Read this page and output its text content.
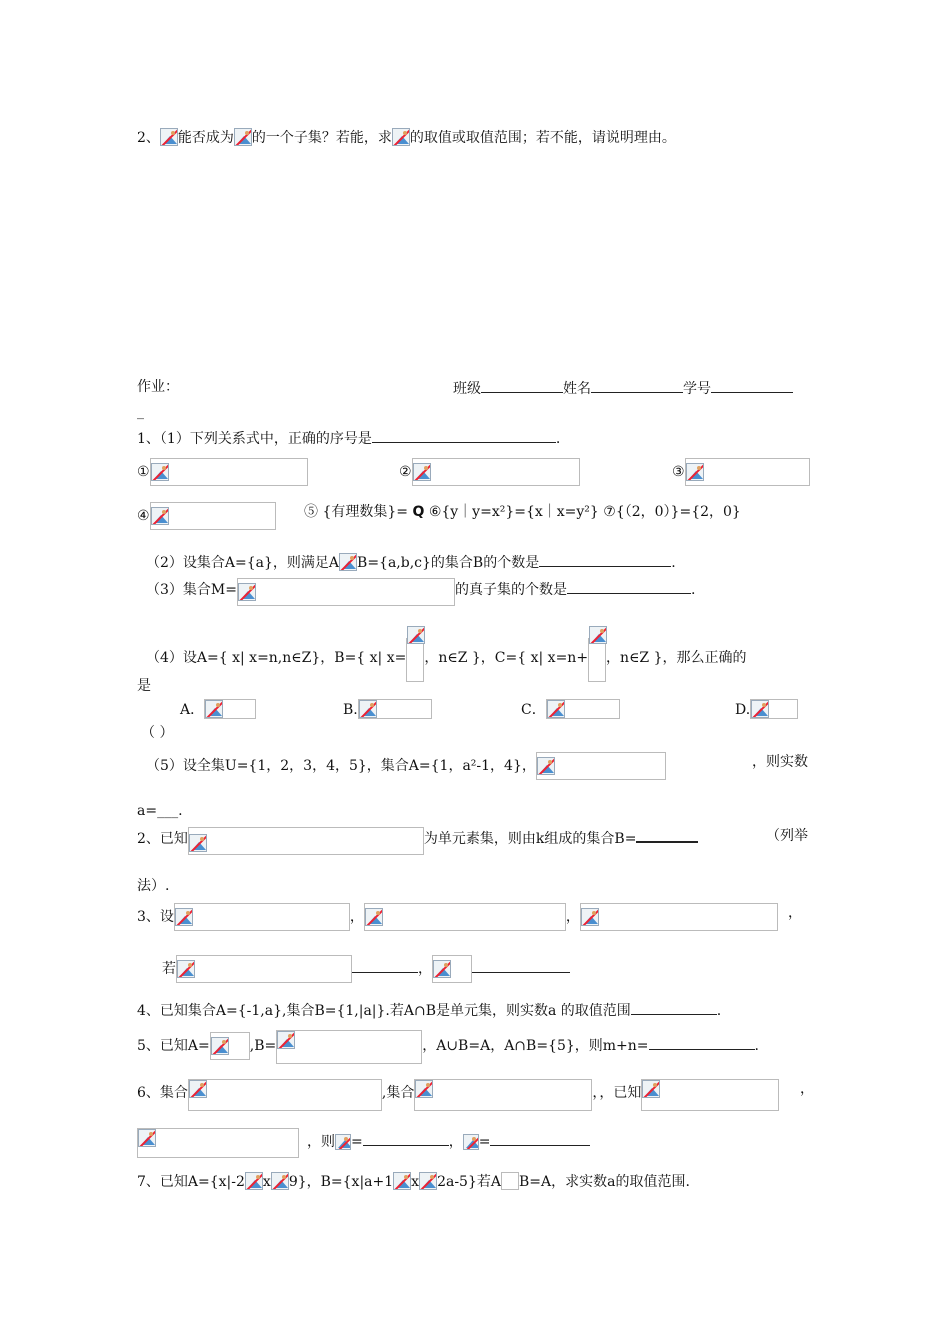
2、 能否成为 的一个子集？若能，求 的取值或取值范围；若不能，请说明理由。
作业：	班级	姓名	学号
_
1、（1）下列关系式中，正确的序号是	.
①	②	③
④	⑤ {有理数集}= Q ⑥{y｜y=x²}={x｜x=y²} ⑦{（2，0）}={2，0}
（2）设集合A={a}，则满足A B={a,b,c}的集合B的个数是	.
（3）集合M=	的真子集的个数是	.
（4）设A={ x| x=n,n∈Z}，B={ x| x= ，n∈Z }，C={ x| x=n+ ，n∈Z }，那么正确的
是
A．	B.	C．	D.
（ ）
（5）设全集U={1，2，3，4，5}，集合A={1，a²-1，4}，	，则实数
a=___.
2、已知	为单元素集，则由k组成的集合B=	（列举
法）.
3、设	，	，	，
若	，
4、已知集合A={-1,a},集合B={1,|a|}.若A∩B是单元集，则实数a 的取值范围	.
5、已知A=	,B=	，A∪B=A，A∩B={5}，则m+n=	.
6、集合	,集合	，，已知	，
，则 =	， =
7、已知A={x|-2 x 9}，B={x|a+1 x 2a-5}若A B=A，求实数a的取值范围.
